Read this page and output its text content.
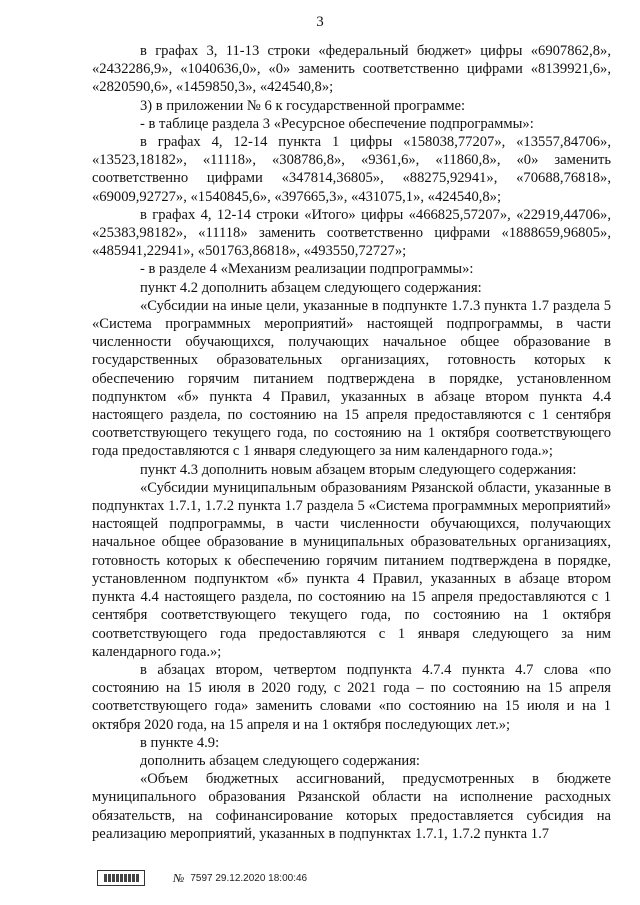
3

в графах 3, 11-13 строки «федеральный бюджет» цифры «6907862,8», «2432286,9», «1040636,0», «0» заменить соответственно цифрами «8139921,6», «2820590,6», «1459850,3», «424540,8»;

3) в приложении № 6 к государственной программе:

- в таблице раздела 3 «Ресурсное обеспечение подпрограммы»:

в графах 4, 12-14 пункта 1 цифры «158038,77207», «13557,84706», «13523,18182», «11118», «308786,8», «9361,6», «11860,8», «0» заменить соответственно цифрами «347814,36805», «88275,92941», «70688,76818», «69009,92727», «1540845,6», «397665,3», «431075,1», «424540,8»;

в графах 4, 12-14 строки «Итого» цифры «466825,57207», «22919,44706», «25383,98182», «11118» заменить соответственно цифрами «1888659,96805», «485941,22941», «501763,86818», «493550,72727»;

- в разделе 4 «Механизм реализации подпрограммы»:

пункт 4.2 дополнить абзацем следующего содержания:

«Субсидии на иные цели, указанные в подпункте 1.7.3 пункта 1.7 раздела 5 «Система программных мероприятий» настоящей подпрограммы, в части численности обучающихся, получающих начальное общее образование в государственных образовательных организациях, готовность которых к обеспечению горячим питанием подтверждена в порядке, установленном подпунктом «б» пункта 4 Правил, указанных в абзаце втором пункта 4.4 настоящего раздела, по состоянию на 15 апреля предоставляются с 1 сентября соответствующего текущего года, по состоянию на 1 октября соответствующего года предоставляются с 1 января следующего за ним календарного года.»;

пункт 4.3 дополнить новым абзацем вторым следующего содержания:

«Субсидии муниципальным образованиям Рязанской области, указанные в подпунктах 1.7.1, 1.7.2 пункта 1.7 раздела 5 «Система программных мероприятий» настоящей подпрограммы, в части численности обучающихся, получающих начальное общее образование в муниципальных образовательных организациях, готовность которых к обеспечению горячим питанием подтверждена в порядке, установленном подпунктом «б» пункта 4 Правил, указанных в абзаце втором пункта 4.4 настоящего раздела, по состоянию на 15 апреля предоставляются с 1 сентября соответствующего текущего года, по состоянию на 1 октября соответствующего года предоставляются с 1 января следующего за ним календарного года.»;

в абзацах втором, четвертом подпункта 4.7.4 пункта 4.7 слова «по состоянию на 15 июля в 2020 году, с 2021 года – по состоянию на 15 апреля соответствующего года» заменить словами «по состоянию на 15 июля и на 1 октября 2020 года, на 15 апреля и на 1 октября последующих лет.»;

в пункте 4.9:

дополнить абзацем следующего содержания:

«Объем бюджетных ассигнований, предусмотренных в бюджете муниципального образования Рязанской области на исполнение расходных обязательств, на софинансирование которых предоставляется субсидия на реализацию мероприятий, указанных в подпунктах 1.7.1, 1.7.2 пункта 1.7

№ 7597 29.12.2020 18:00:46
